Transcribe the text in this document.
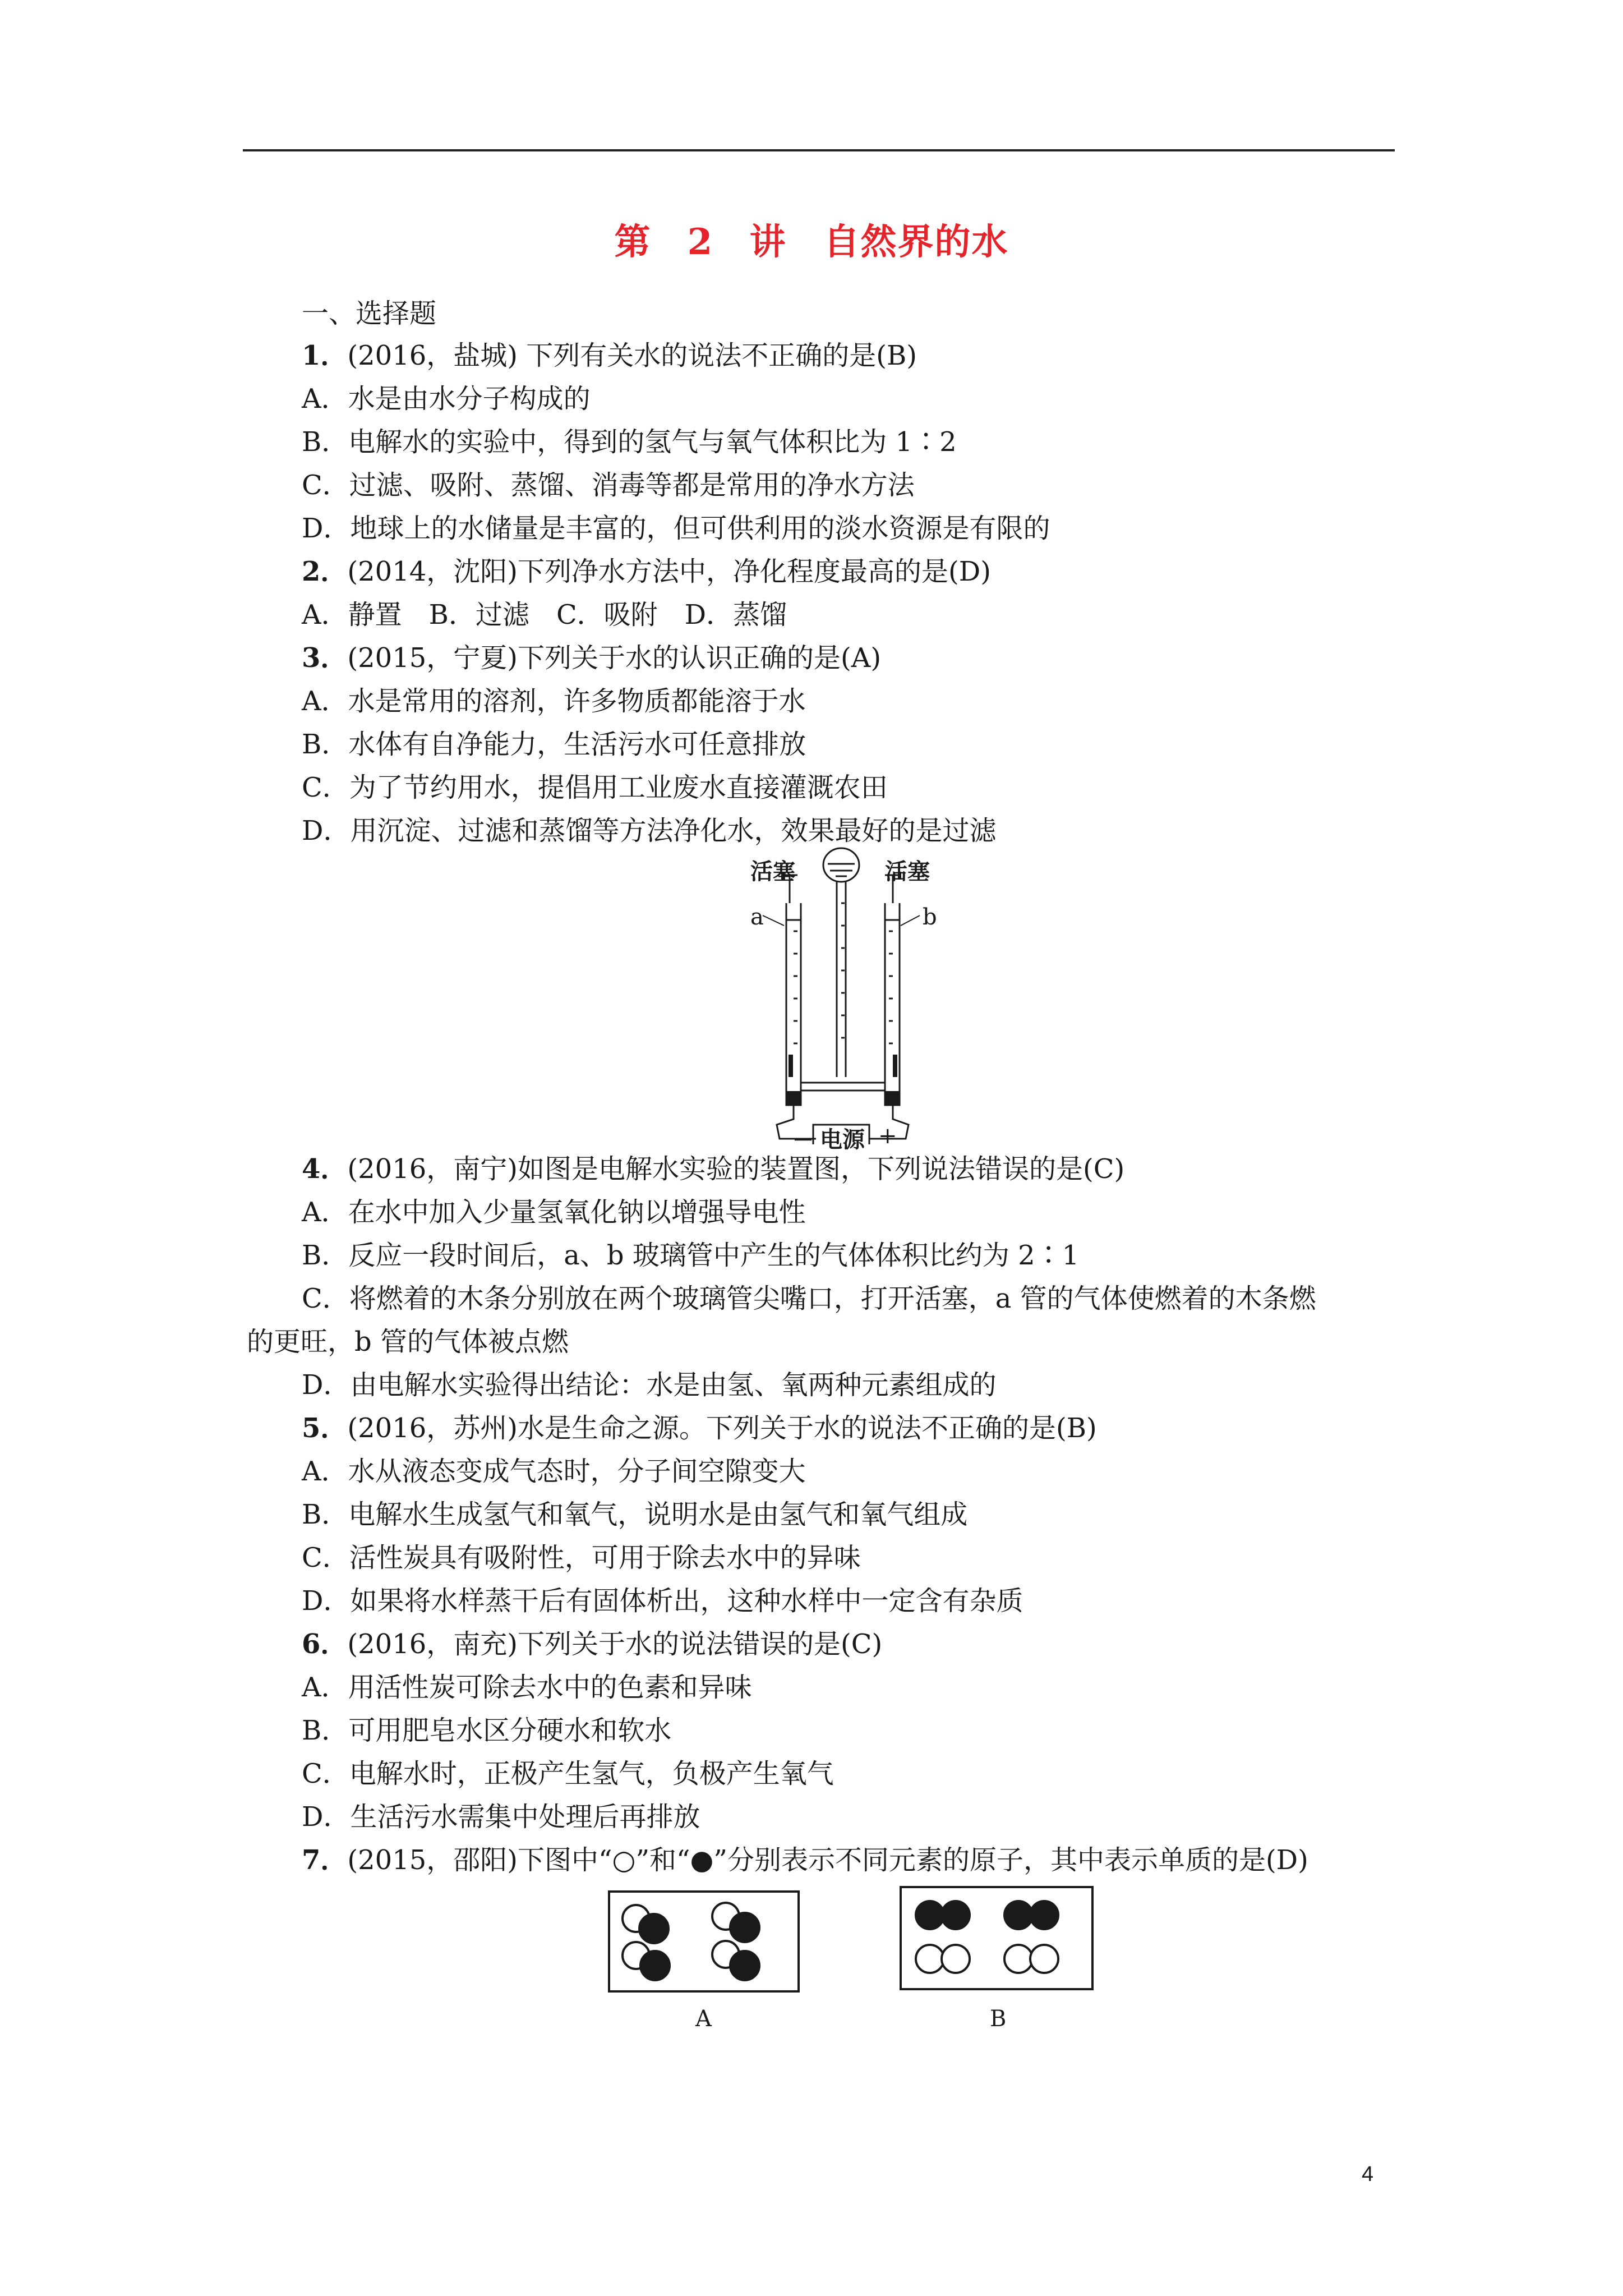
第 2 讲　自然界的水
一、选择题
1．(2016，盐城) 下列有关水的说法不正确的是(B)
A．水是由水分子构成的
B．电解水的实验中，得到的氢气与氧气体积比为 1∶2
C．过滤、吸附、蒸馏、消毒等都是常用的净水方法
D．地球上的水储量是丰富的，但可供利用的淡水资源是有限的
2．(2014，沈阳)下列净水方法中，净化程度最高的是(D)
A．静置　B．过滤　C．吸附　D．蒸馏
3．(2015，宁夏)下列关于水的认识正确的是(A)
A．水是常用的溶剂，许多物质都能溶于水
B．水体有自净能力，生活污水可任意排放
C．为了节约用水，提倡用工业废水直接灌溉农田
D．用沉淀、过滤和蒸馏等方法净化水，效果最好的是过滤
活塞	活塞
a	b
电源
－	+
4．(2016，南宁)如图是电解水实验的装置图，下列说法错误的是(C)
A．在水中加入少量氢氧化钠以增强导电性
B．反应一段时间后，a、b 玻璃管中产生的气体体积比约为 2∶1
C．将燃着的木条分别放在两个玻璃管尖嘴口，打开活塞，a 管的气体使燃着的木条燃
的更旺，b 管的气体被点燃
D．由电解水实验得出结论：水是由氢、氧两种元素组成的
5．(2016，苏州)水是生命之源。下列关于水的说法不正确的是(B)
A．水从液态变成气态时，分子间空隙变大
B．电解水生成氢气和氧气，说明水是由氢气和氧气组成
C．活性炭具有吸附性，可用于除去水中的异味
D．如果将水样蒸干后有固体析出，这种水样中一定含有杂质
6．(2016，南充)下列关于水的说法错误的是(C)
A．用活性炭可除去水中的色素和异味
B．可用肥皂水区分硬水和软水
C．电解水时，正极产生氢气，负极产生氧气
D．生活污水需集中处理后再排放
7．(2015，邵阳)下图中“○”和“●”分别表示不同元素的原子，其中表示单质的是(D)
A	B
4
